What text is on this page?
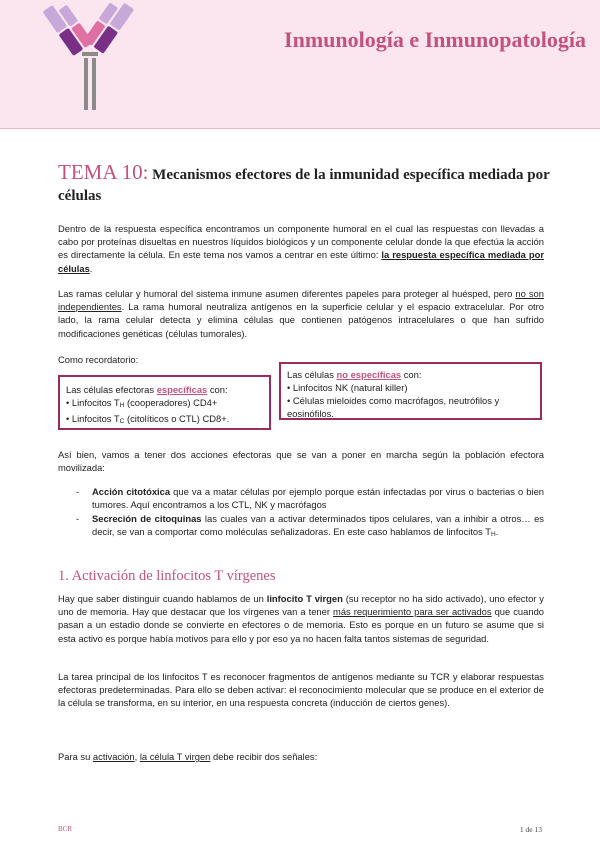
Inmunología e Inmunopatología
TEMA 10: Mecanismos efectores de la inmunidad específica mediada por células

Dentro de la respuesta específica encontramos un componente humoral en el cual las respuestas con llevadas a cabo por proteínas disueltas en nuestros líquidos biológicos y un componente celular donde la que efectúa la acción es directamente la célula. En este tema nos vamos a centrar en este último: la respuesta específica mediada por células.

Las ramas celular y humoral del sistema inmune asumen diferentes papeles para proteger al huésped, pero no son independientes. La rama humoral neutraliza antígenos en la superficie celular y el espacio extracelular. Por otro lado, la rama celular detecta y elimina células que contienen patógenos intracelulares o que han sufrido modificaciones genéticas (células tumorales).

Como recordatorio:

Las células efectoras específicas con:
• Linfocitos TH (cooperadores) CD4+
• Linfocitos TC (citolíticos o CTL) CD8+.
Las células no específicas con:
• Linfocitos NK (natural killer)
• Células mieloides como macrófagos, neutrófilos y eosinófilos.

Así bien, vamos a tener dos acciones efectoras que se van a poner en marcha según la población efectora movilizada:

- Acción citotóxica que va a matar células por ejemplo porque están infectadas por virus o bacterias o bien tumores. Aquí encontramos a los CTL, NK y macrófagos
- Secreción de citoquinas las cuales van a activar determinados tipos celulares, van a inhibir a otros… es decir, se van a comportar como moléculas señalizadoras. En este caso hablamos de linfocitos TH.
1. Activación de linfocitos T vírgenes

Hay que saber distinguir cuando hablamos de un linfocito T virgen (su receptor no ha sido activado), uno efector y uno de memoria. Hay que destacar que los vírgenes van a tener más requerimiento para ser activados que cuando pasan a un estadio donde se convierte en efectores o de memoria. Esto es porque en un futuro se asume que si esta activo es porque había motivos para ello y por eso ya no hacen falta tantos sistemas de seguridad.

La tarea principal de los linfocitos T es reconocer fragmentos de antígenos mediante su TCR y elaborar respuestas efectoras predeterminadas. Para ello se deben activar: el reconocimiento molecular que se produce en el exterior de la célula se transforma, en su interior, en una respuesta concreta (inducción de ciertos genes).

Para su activación, la célula T virgen debe recibir dos señales:

BCR	1 de 13
